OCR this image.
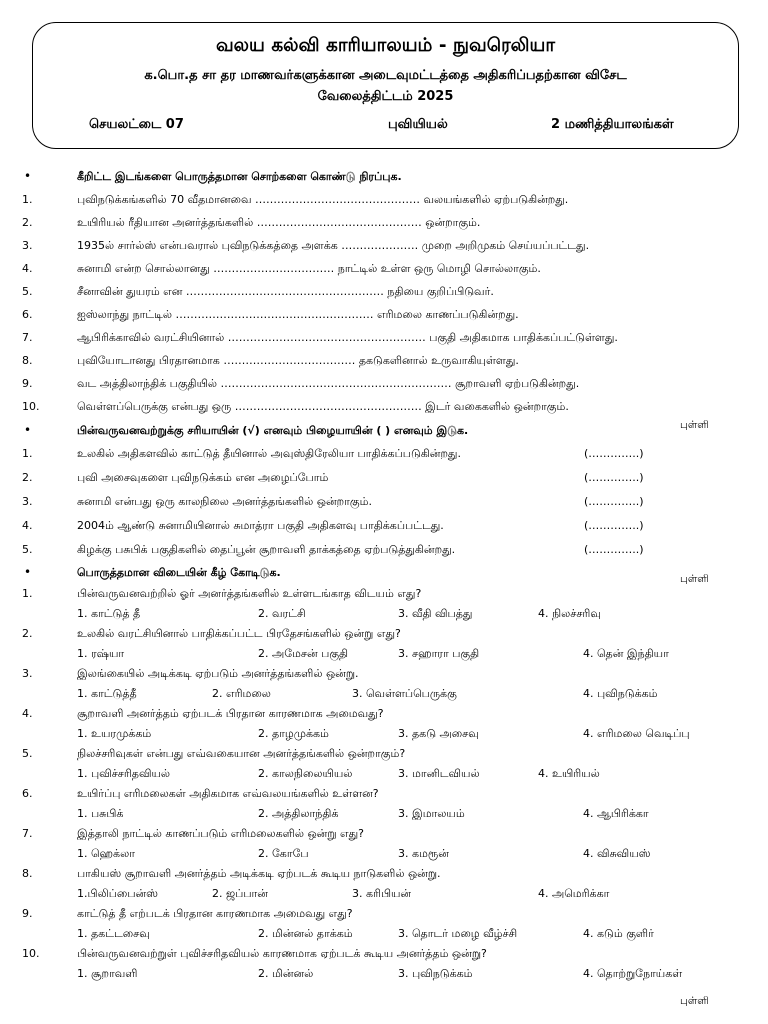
வலய கல்வி காரியாலயம் - நுவரெலியா
க.பொ.த சா தர மாணவர்களுக்கான அடைவுமட்டத்தை அதிகரிப்பதற்கான விசேட
வேலைத்திட்டம் 2025
செயலட்டை 07	புவியியல்	2 மணித்தியாலங்கள்
•	கீறிட்ட இடங்களை பொருத்தமான சொற்களை கொண்டு நிரப்புக.
1.	புவிநடுக்கங்களில் 70 வீதமானவை ……………………………………… வலயங்களில் ஏற்படுகின்றது.
2.	உயிரியல் ரீதியான அனர்த்தங்களில் ……………………………………… ஒன்றாகும்.
3.	1935ல் சார்ல்ஸ் என்பவரால் புவிநடுக்கத்தை அளக்க ………………… முறை அறிமுகம் செய்யப்பட்டது.
4.	சுனாமி என்ற சொல்லானது …………………………… நாட்டில் உள்ள ஒரு மொழி சொல்லாகும்.
5.	சீனாவின் துயரம் என ……………………………………………… நதியை குறிப்பிடுவர்.
6.	ஐஸ்லாந்து நாட்டில் ……………………………………………… எரிமலை காணப்படுகின்றது.
7.	ஆபிரிக்காவில் வரட்சியினால் ……………………………………………… பகுதி அதிகமாக பாதிக்கப்பட்டுள்ளது.
8.	புவியோடானது பிரதானமாக ……………………………… தகடுகளினால் உருவாகியுள்ளது.
9.	வட அத்திலாந்திக் பகுதியில் ……………………………………………………… சூறாவளி ஏற்படுகின்றது.
10.	வெள்ளப்பெருக்கு என்பது ஒரு …………………………………………… இடர் வகைகளில் ஒன்றாகும்.
•	பின்வருவனவற்றுக்கு சரியாயின் (√) எனவும் பிழையாயின் ( ) எனவும் இடுக.	புள்ளி
1.	உலகில் அதிகளவில் காட்டுத் தீயினால் அவுஸ்திரேலியா பாதிக்கப்படுகின்றது.	(…………..)
2.	புவி அசைவுகளை புவிநடுக்கம் என அழைப்போம்	(…………..)
3.	சுனாமி என்பது ஒரு காலநிலை அனர்த்தங்களில் ஒன்றாகும்.	(…………..)
4.	2004ம் ஆண்டு சுனாமியினால் சுமாத்ரா பகுதி அதிகளவு பாதிக்கப்பட்டது.	(…………..)
5.	கிழக்கு பசுபிக் பகுதிகளில் தைப்பூன் சூறாவளி தாக்கத்தை ஏற்படுத்துகின்றது.	(…………..)
•	பொருத்தமான விடையின் கீழ் கோடிடுக.	புள்ளி
1.	பின்வருவனவற்றில் ஓர் அனர்த்தங்களில் உள்ளடங்காத விடயம் எது?
1. காட்டுத் தீ	2. வரட்சி	3. வீதி விபத்து	4. நிலச்சரிவு
2.	உலகில் வரட்சியினால் பாதிக்கப்பட்ட பிரதேசங்களில் ஒன்று எது?
1. ரஷ்யா	2. அமேசன் பகுதி	3. சஹாரா பகுதி	4. தென் இந்தியா
3.	இலங்கையில் அடிக்கடி ஏற்படும் அனர்த்தங்களில் ஒன்று.
1. காட்டுத்தீ	2. எரிமலை	3. வெள்ளப்பெருக்கு	4. புவிநடுக்கம்
4.	சூறாவளி அனர்த்தம் ஏற்படக் பிரதான காரணமாக அமைவது?
1. உயரமுக்கம்	2. தாழமுக்கம்	3. தகடு அசைவு	4. எரிமலை வெடிப்பு
5.	நிலச்சரிவுகள் என்பது எவ்வகையான அனர்த்தங்களில் ஒன்றாகும்?
1. புவிச்சரிதவியல்	2. காலநிலையியல்	3. மானிடவியல்	4. உயிரியல்
6.	உயிர்ப்பு எரிமலைகள் அதிகமாக எவ்வலயங்களில் உள்ளன?
1. பசுபிக்	2. அத்திலாந்திக்	3. இமாலயம்	4. ஆபிரிக்கா
7.	இத்தாலி நாட்டில் காணப்படும் எரிமலைகளில் ஒன்று எது?
1. ஹெக்லா	2. கோபே	3. கமரூன்	4. விசுவியஸ்
8.	பாகியஸ் சூறாவளி அனர்த்தம் அடிக்கடி ஏற்படக் கூடிய நாடுகளில் ஒன்று.
1.பிலிப்பைன்ஸ்	2. ஜப்பான்	3. கரிபியன்	4. அமெரிக்கா
9.	காட்டுத் தீ எற்படக் பிரதான காரணமாக அமைவது எது?
1. தகட்டசைவு	2. மின்னல் தாக்கம்	3. தொடர் மழை வீழ்ச்சி	4. கடும் குளிர்
10.	பின்வருவனவற்றுள் புவிச்சரிதவியல் காரணமாக ஏற்படக் கூடிய அனர்த்தம் ஒன்று?
1. சூறாவளி	2. மின்னல்	3. புவிநடுக்கம்	4. தொற்றுநோய்கள்
புள்ளி
